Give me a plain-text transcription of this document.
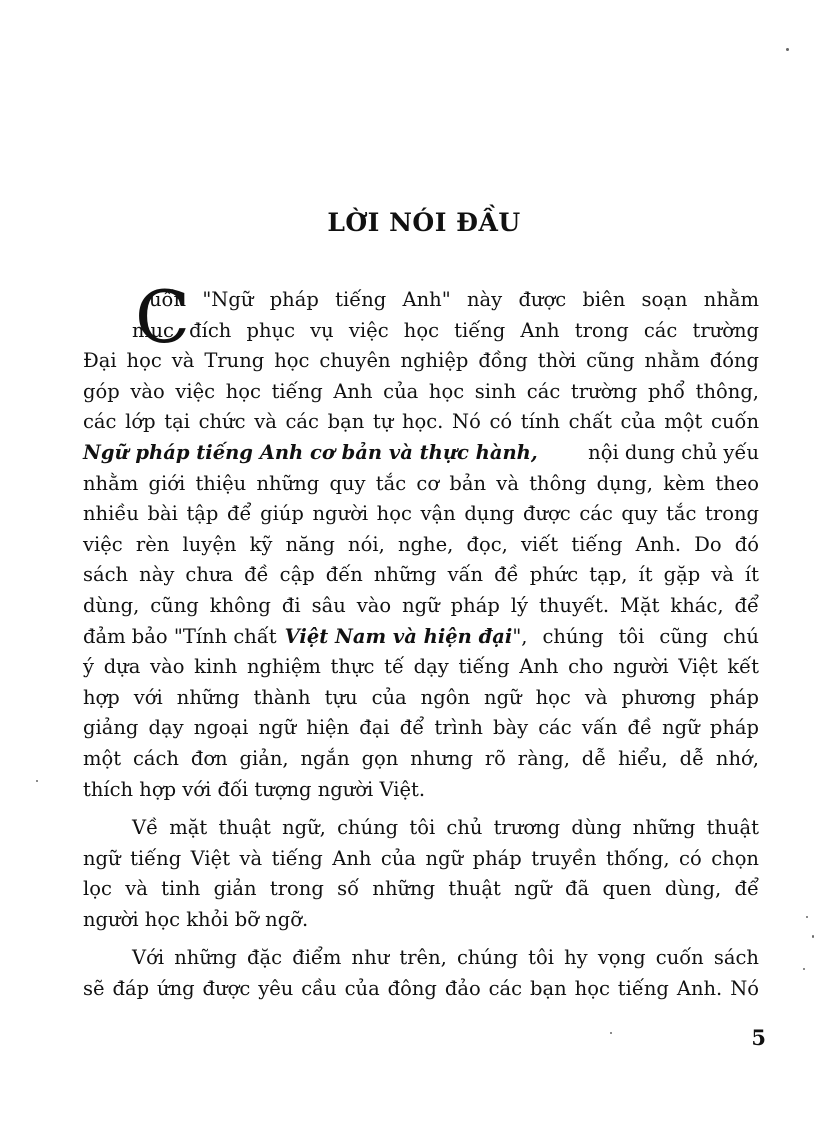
LỜI NÓI ĐẦU
C
uốn "Ngữ pháp tiếng Anh" này được biên soạn nhằm
mục đích phục vụ việc học tiếng Anh trong các trường
Đại học và Trung học chuyên nghiệp đồng thời cũng nhằm đóng
góp vào việc học tiếng Anh của học sinh các trường phổ thông,
các lớp tại chức và các bạn tự học. Nó có tính chất của một cuốn
Ngữ pháp tiếng Anh cơ bản và thực hành,	nội dung chủ yếu
nhằm giới thiệu những quy tắc cơ bản và thông dụng, kèm theo
nhiều bài tập để giúp người học vận dụng được các quy tắc trong
việc rèn luyện kỹ năng nói, nghe, đọc, viết tiếng Anh. Do đó
sách này chưa đề cập đến những vấn đề phức tạp, ít gặp và ít
dùng, cũng không đi sâu vào ngữ pháp lý thuyết. Mặt khác, để
đảm bảo "Tính chất Việt Nam và hiện đại ", chúng tôi cũng chú
ý dựa vào kinh nghiệm thực tế dạy tiếng Anh cho người Việt kết
hợp với những thành tựu của ngôn ngữ học và phương pháp
giảng dạy ngoại ngữ hiện đại để trình bày các vấn đề ngữ pháp
một cách đơn giản, ngắn gọn nhưng rõ ràng, dễ hiểu, dễ nhớ,
thích hợp với đối tượng người Việt.
Về mặt thuật ngữ, chúng tôi chủ trương dùng những thuật
ngữ tiếng Việt và tiếng Anh của ngữ pháp truyền thống, có chọn
lọc và tinh giản trong số những thuật ngữ đã quen dùng, để
người học khỏi bỡ ngỡ.
Với những đặc điểm như trên, chúng tôi hy vọng cuốn sách
sẽ đáp ứng được yêu cầu của đông đảo các bạn học tiếng Anh. Nó
5
